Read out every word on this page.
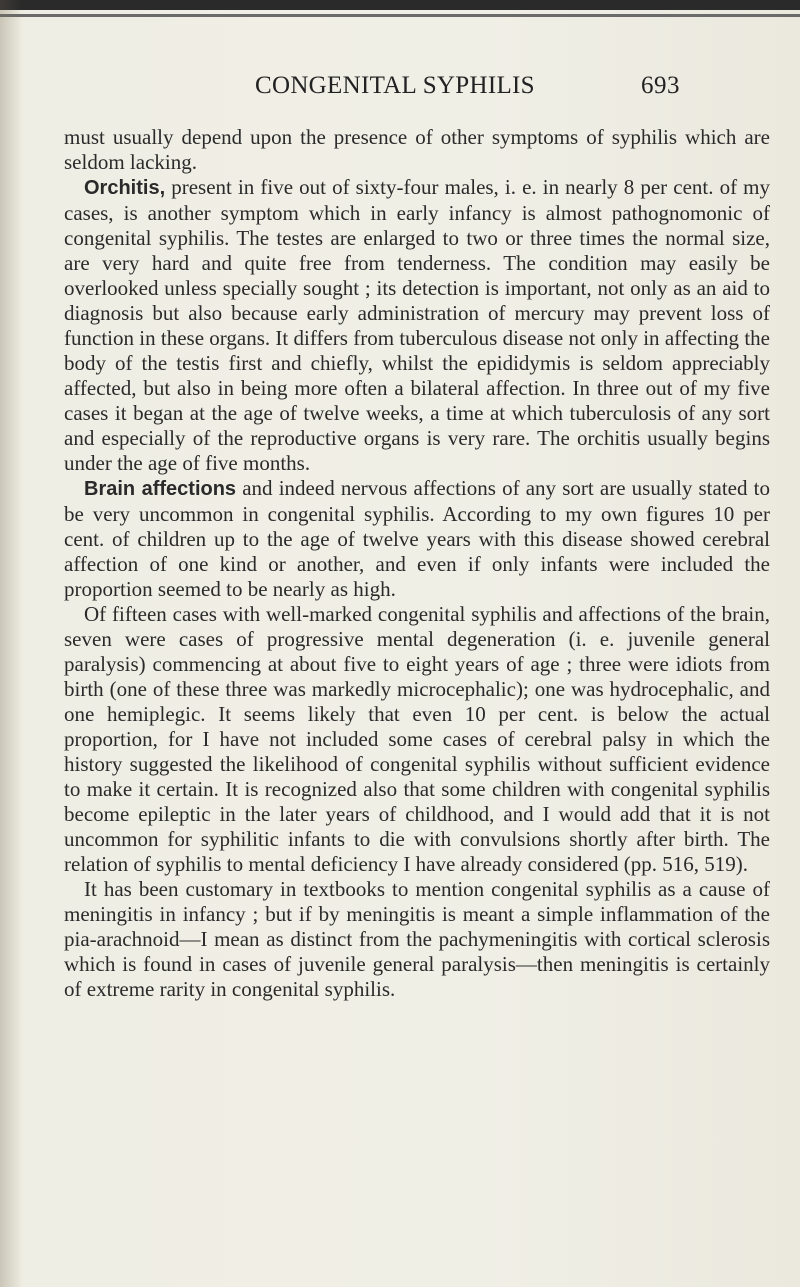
CONGENITAL SYPHILIS	693

must usually depend upon the presence of other symptoms of syphilis which are seldom lacking.

Orchitis, present in five out of sixty-four males, i. e. in nearly 8 per cent. of my cases, is another symptom which in early infancy is almost pathognomonic of congenital syphilis. The testes are enlarged to two or three times the normal size, are very hard and quite free from tenderness. The condition may easily be overlooked unless specially sought ; its detection is important, not only as an aid to diagnosis but also because early administration of mercury may prevent loss of function in these organs. It differs from tuberculous disease not only in affecting the body of the testis first and chiefly, whilst the epididymis is seldom appreciably affected, but also in being more often a bilateral affection. In three out of my five cases it began at the age of twelve weeks, a time at which tuberculosis of any sort and especially of the reproductive organs is very rare. The orchitis usually begins under the age of five months.

Brain affections and indeed nervous affections of any sort are usually stated to be very uncommon in congenital syphilis. According to my own figures 10 per cent. of children up to the age of twelve years with this disease showed cerebral affection of one kind or another, and even if only infants were included the proportion seemed to be nearly as high.

Of fifteen cases with well-marked congenital syphilis and affections of the brain, seven were cases of progressive mental degeneration (i. e. juvenile general paralysis) commencing at about five to eight years of age ; three were idiots from birth (one of these three was markedly microcephalic); one was hydrocephalic, and one hemiplegic. It seems likely that even 10 per cent. is below the actual proportion, for I have not included some cases of cerebral palsy in which the history suggested the likelihood of congenital syphilis without sufficient evidence to make it certain. It is recognized also that some children with congenital syphilis become epileptic in the later years of childhood, and I would add that it is not uncommon for syphilitic infants to die with convulsions shortly after birth. The relation of syphilis to mental deficiency I have already considered (pp. 516, 519).

It has been customary in textbooks to mention congenital syphilis as a cause of meningitis in infancy ; but if by meningitis is meant a simple inflammation of the pia-arachnoid—I mean as distinct from the pachymeningitis with cortical sclerosis which is found in cases of juvenile general paralysis—then meningitis is certainly of extreme rarity in congenital syphilis.
